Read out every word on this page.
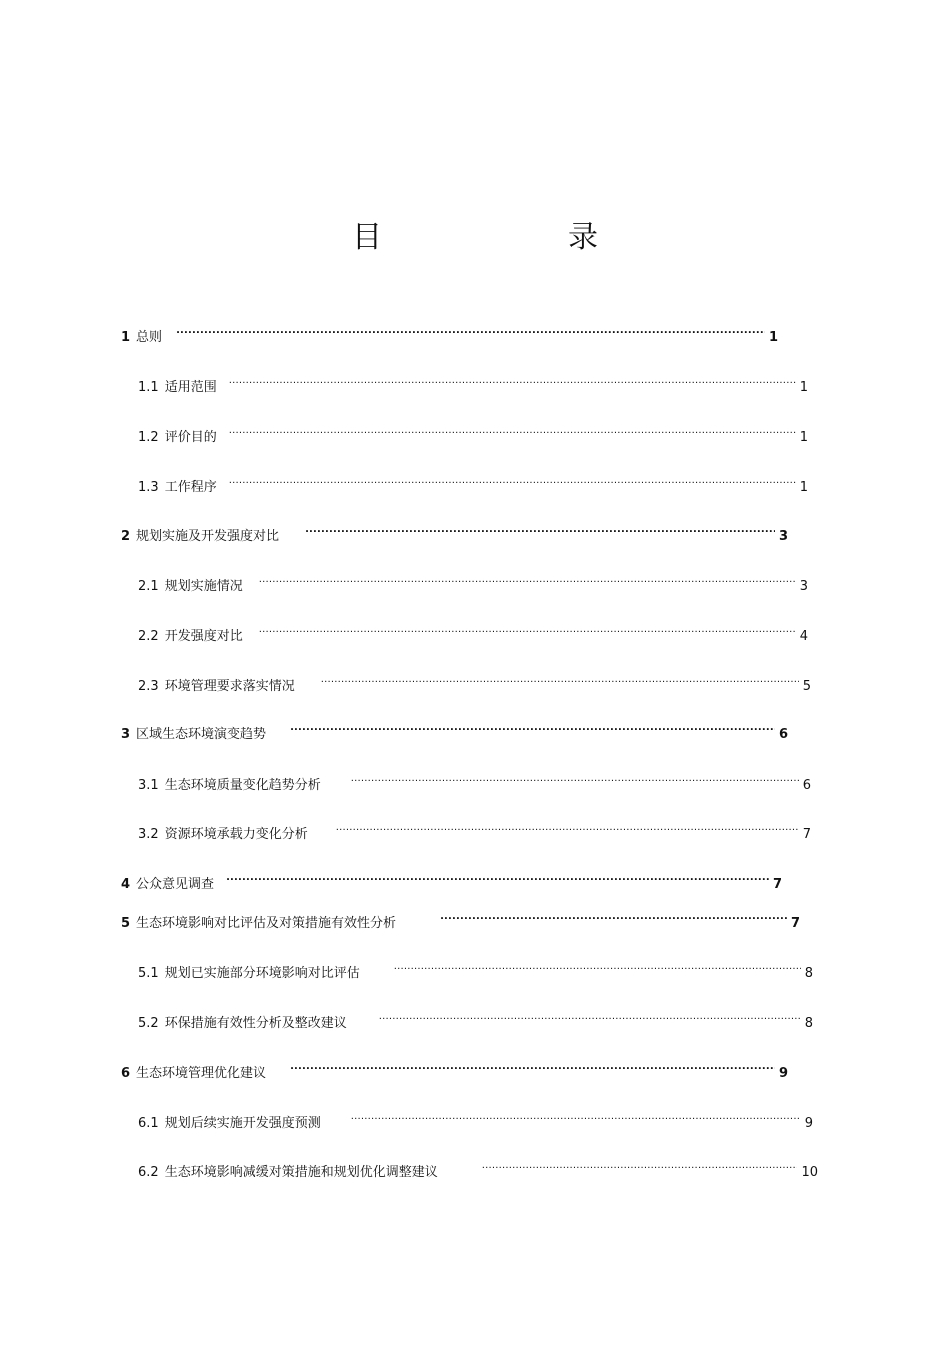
目　录
1 总则 .....	1
1.1 适用范围 .....	1
1.2 评价目的 .....	1
1.3 工作程序 .....	1
2 规划实施及开发强度对比 .....	3
2.1 规划实施情况 .....	3
2.2 开发强度对比 .....	4
2.3 环境管理要求落实情况 .....	5
3 区域生态环境演变趋势 .....	6
3.1 生态环境质量变化趋势分析 .....	6
3.2 资源环境承载力变化分析 .....	7
4 公众意见调查 .....	7
5 生态环境影响对比评估及对策措施有效性分析 .....	7
5.1 规划已实施部分环境影响对比评估 .....	8
5.2 环保措施有效性分析及整改建议 .....	8
6 生态环境管理优化建议 .....	9
6.1 规划后续实施开发强度预测 .....	9
6.2 生态环境影响减缓对策措施和规划优化调整建议 .....	10
